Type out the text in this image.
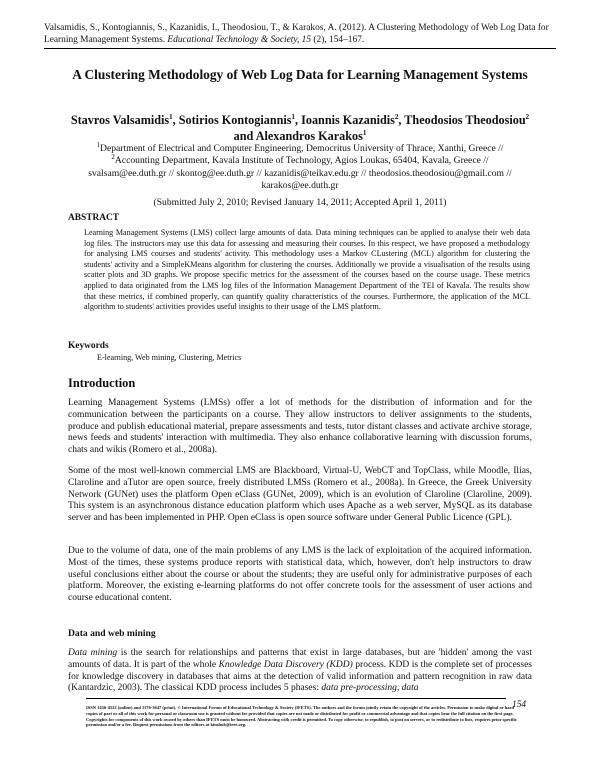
Valsamidis, S., Kontogiannis, S., Kazanidis, I., Theodosiou, T., & Karakos, A. (2012). A Clustering Methodology of Web Log Data for Learning Management Systems. Educational Technology & Society, 15 (2), 154–167.
A Clustering Methodology of Web Log Data for Learning Management Systems
Stavros Valsamidis$^1$, Sotirios Kontogiannis$^1$, Ioannis Kazanidis$^2$, Theodosios Theodosiou$^2$ and Alexandros Karakos$^1$
$^1$Department of Electrical and Computer Engineering, Democritus University of Thrace, Xanthi, Greece //
$^2$Accounting Department, Kavala Institute of Technology, Agios Loukas, 65404, Kavala, Greece //
svalsam@ee.duth.gr // skontog@ee.duth.gr // kazanidis@teikav.edu.gr // theodosios.theodosiou@gmail.com //
karakos@ee.duth.gr
(Submitted July 2, 2010; Revised January 14, 2011; Accepted April 1, 2011)
ABSTRACT
Learning Management Systems (LMS) collect large amounts of data. Data mining techniques can be applied to analyse their web data log files. The instructors may use this data for assessing and measuring their courses. In this respect, we have proposed a methodology for analysing LMS courses and students' activity. This methodology uses a Markov CLustering (MCL) algorithm for clustering the students' activity and a SimpleKMeans algorithm for clustering the courses. Additionally we provide a visualisation of the results using scatter plots and 3D graphs. We propose specific metrics for the assessment of the courses based on the course usage. These metrics applied to data originated from the LMS log files of the Information Management Department of the TEI of Kavala. The results show that these metrics, if combined properly, can quantify quality characteristics of the courses. Furthermore, the application of the MCL algorithm to students' activities provides useful insights to their usage of the LMS platform.
Keywords
E-learning, Web mining, Clustering, Metrics
Introduction
Learning Management Systems (LMSs) offer a lot of methods for the distribution of information and for the communication between the participants on a course. They allow instructors to deliver assignments to the students, produce and publish educational material, prepare assessments and tests, tutor distant classes and activate archive storage, news feeds and students' interaction with multimedia. They also enhance collaborative learning with discussion forums, chats and wikis (Romero et al., 2008a).
Some of the most well-known commercial LMS are Blackboard, Virtual-U, WebCT and TopClass, while Moodle, Ilias, Claroline and aTutor are open source, freely distributed LMSs (Romero et al., 2008a). In Greece, the Greek University Network (GUNet) uses the platform Open eClass (GUNet, 2009), which is an evolution of Claroline (Claroline, 2009). This system is an asynchronous distance education platform which uses Apache as a web server, MySQL as its database server and has been implemented in PHP. Open eClass is open source software under General Public Licence (GPL).
Due to the volume of data, one of the main problems of any LMS is the lack of exploitation of the acquired information. Most of the times, these systems produce reports with statistical data, which, however, don't help instructors to draw useful conclusions either about the course or about the students; they are useful only for administrative purposes of each platform. Moreover, the existing e-learning platforms do not offer concrete tools for the assessment of user actions and course educational content.
Data and web mining
Data mining is the search for relationships and patterns that exist in large databases, but are 'hidden' among the vast amounts of data. It is part of the whole Knowledge Data Discovery (KDD) process. KDD is the complete set of processes for knowledge discovery in databases that aims at the detection of valid information and pattern recognition in raw data (Kantardzic, 2003). The classical KDD process includes 5 phases: data pre-processing, data
154
ISSN 1436-4522 (online) and 1176-3647 (print). © International Forum of Educational Technology & Society (IFETS). The authors and the forum jointly retain the copyright of the articles. Permission to make digital or hard copies of part or all of this work for personal or classroom use is granted without fee provided that copies are not made or distributed for profit or commercial advantage and that copies bear the full citation on the first page. Copyrights for components of this work owned by others than IFETS must be honoured. Abstracting with credit is permitted. To copy otherwise, to republish, to post on servers, or to redistribute to lists, requires prior specific permission and/or a fee. Request permissions from the editors at kinshuk@ieee.org.
